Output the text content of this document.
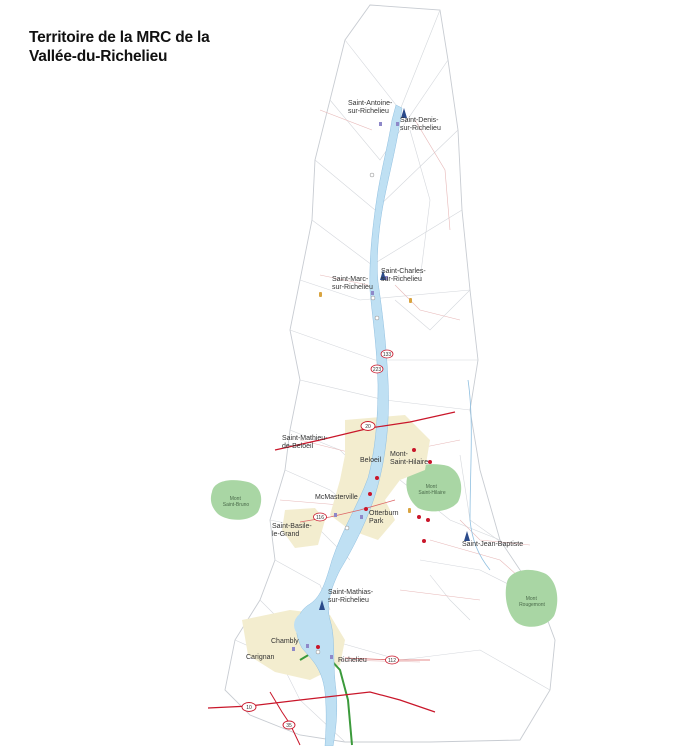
Territoire de la MRC de la
Vallée-du-Richelieu
20
10
35
116
112
133
223
Saint-Antoine- sur-Richelieu
Saint-Denis- sur-Richelieu
Saint-Marc- sur-Richelieu
Saint-Charles- sur-Richelieu
Saint-Mathieu- de-Beloeil
Beloeil
Mont- Saint-Hilaire
McMasterville
Otterburn Park
Saint-Basile- le-Grand
Saint-Jean-Baptiste
Saint-Mathias- sur-Richelieu
Chambly
Carignan	Richelieu
Mont Saint-Bruno
Mont Saint-Hilaire
Mont Rougemont
